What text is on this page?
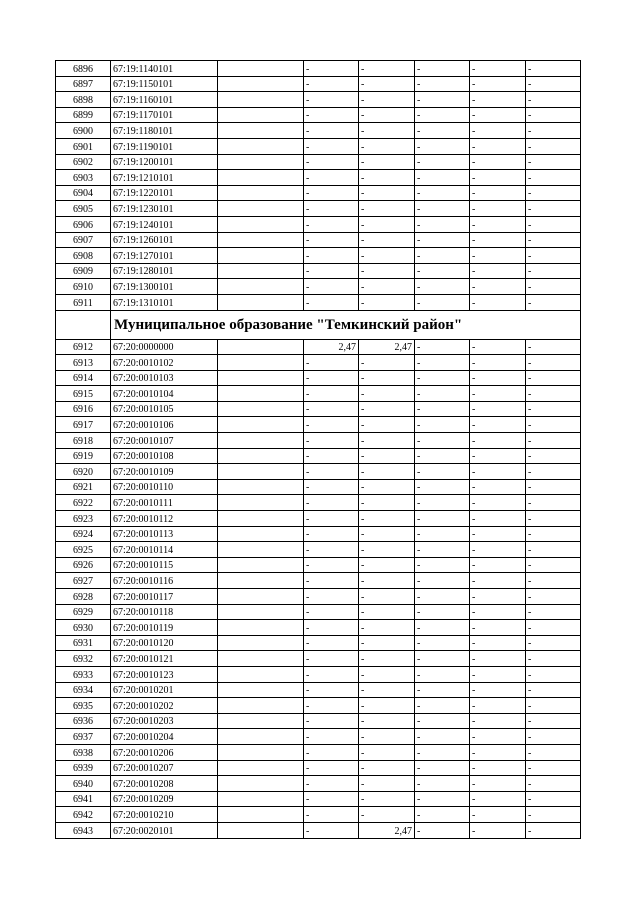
6896	67:19:1140101		-	-	-	-	-
6897	67:19:1150101		-	-	-	-	-
6898	67:19:1160101		-	-	-	-	-
6899	67:19:1170101		-	-	-	-	-
6900	67:19:1180101		-	-	-	-	-
6901	67:19:1190101		-	-	-	-	-
6902	67:19:1200101		-	-	-	-	-
6903	67:19:1210101		-	-	-	-	-
6904	67:19:1220101		-	-	-	-	-
6905	67:19:1230101		-	-	-	-	-
6906	67:19:1240101		-	-	-	-	-
6907	67:19:1260101		-	-	-	-	-
6908	67:19:1270101		-	-	-	-	-
6909	67:19:1280101		-	-	-	-	-
6910	67:19:1300101		-	-	-	-	-
6911	67:19:1310101		-	-	-	-	-
	Муниципальное образование "Темкинский район"						
6912	67:20:0000000		2,47	2,47	-	-	-
6913	67:20:0010102		-	-	-	-	-
6914	67:20:0010103		-	-	-	-	-
6915	67:20:0010104		-	-	-	-	-
6916	67:20:0010105		-	-	-	-	-
6917	67:20:0010106		-	-	-	-	-
6918	67:20:0010107		-	-	-	-	-
6919	67:20:0010108		-	-	-	-	-
6920	67:20:0010109		-	-	-	-	-
6921	67:20:0010110		-	-	-	-	-
6922	67:20:0010111		-	-	-	-	-
6923	67:20:0010112		-	-	-	-	-
6924	67:20:0010113		-	-	-	-	-
6925	67:20:0010114		-	-	-	-	-
6926	67:20:0010115		-	-	-	-	-
6927	67:20:0010116		-	-	-	-	-
6928	67:20:0010117		-	-	-	-	-
6929	67:20:0010118		-	-	-	-	-
6930	67:20:0010119		-	-	-	-	-
6931	67:20:0010120		-	-	-	-	-
6932	67:20:0010121		-	-	-	-	-
6933	67:20:0010123		-	-	-	-	-
6934	67:20:0010201		-	-	-	-	-
6935	67:20:0010202		-	-	-	-	-
6936	67:20:0010203		-	-	-	-	-
6937	67:20:0010204		-	-	-	-	-
6938	67:20:0010206		-	-	-	-	-
6939	67:20:0010207		-	-	-	-	-
6940	67:20:0010208		-	-	-	-	-
6941	67:20:0010209		-	-	-	-	-
6942	67:20:0010210		-	-	-	-	-
6943	67:20:0020101		-	2,47	-	-	-
